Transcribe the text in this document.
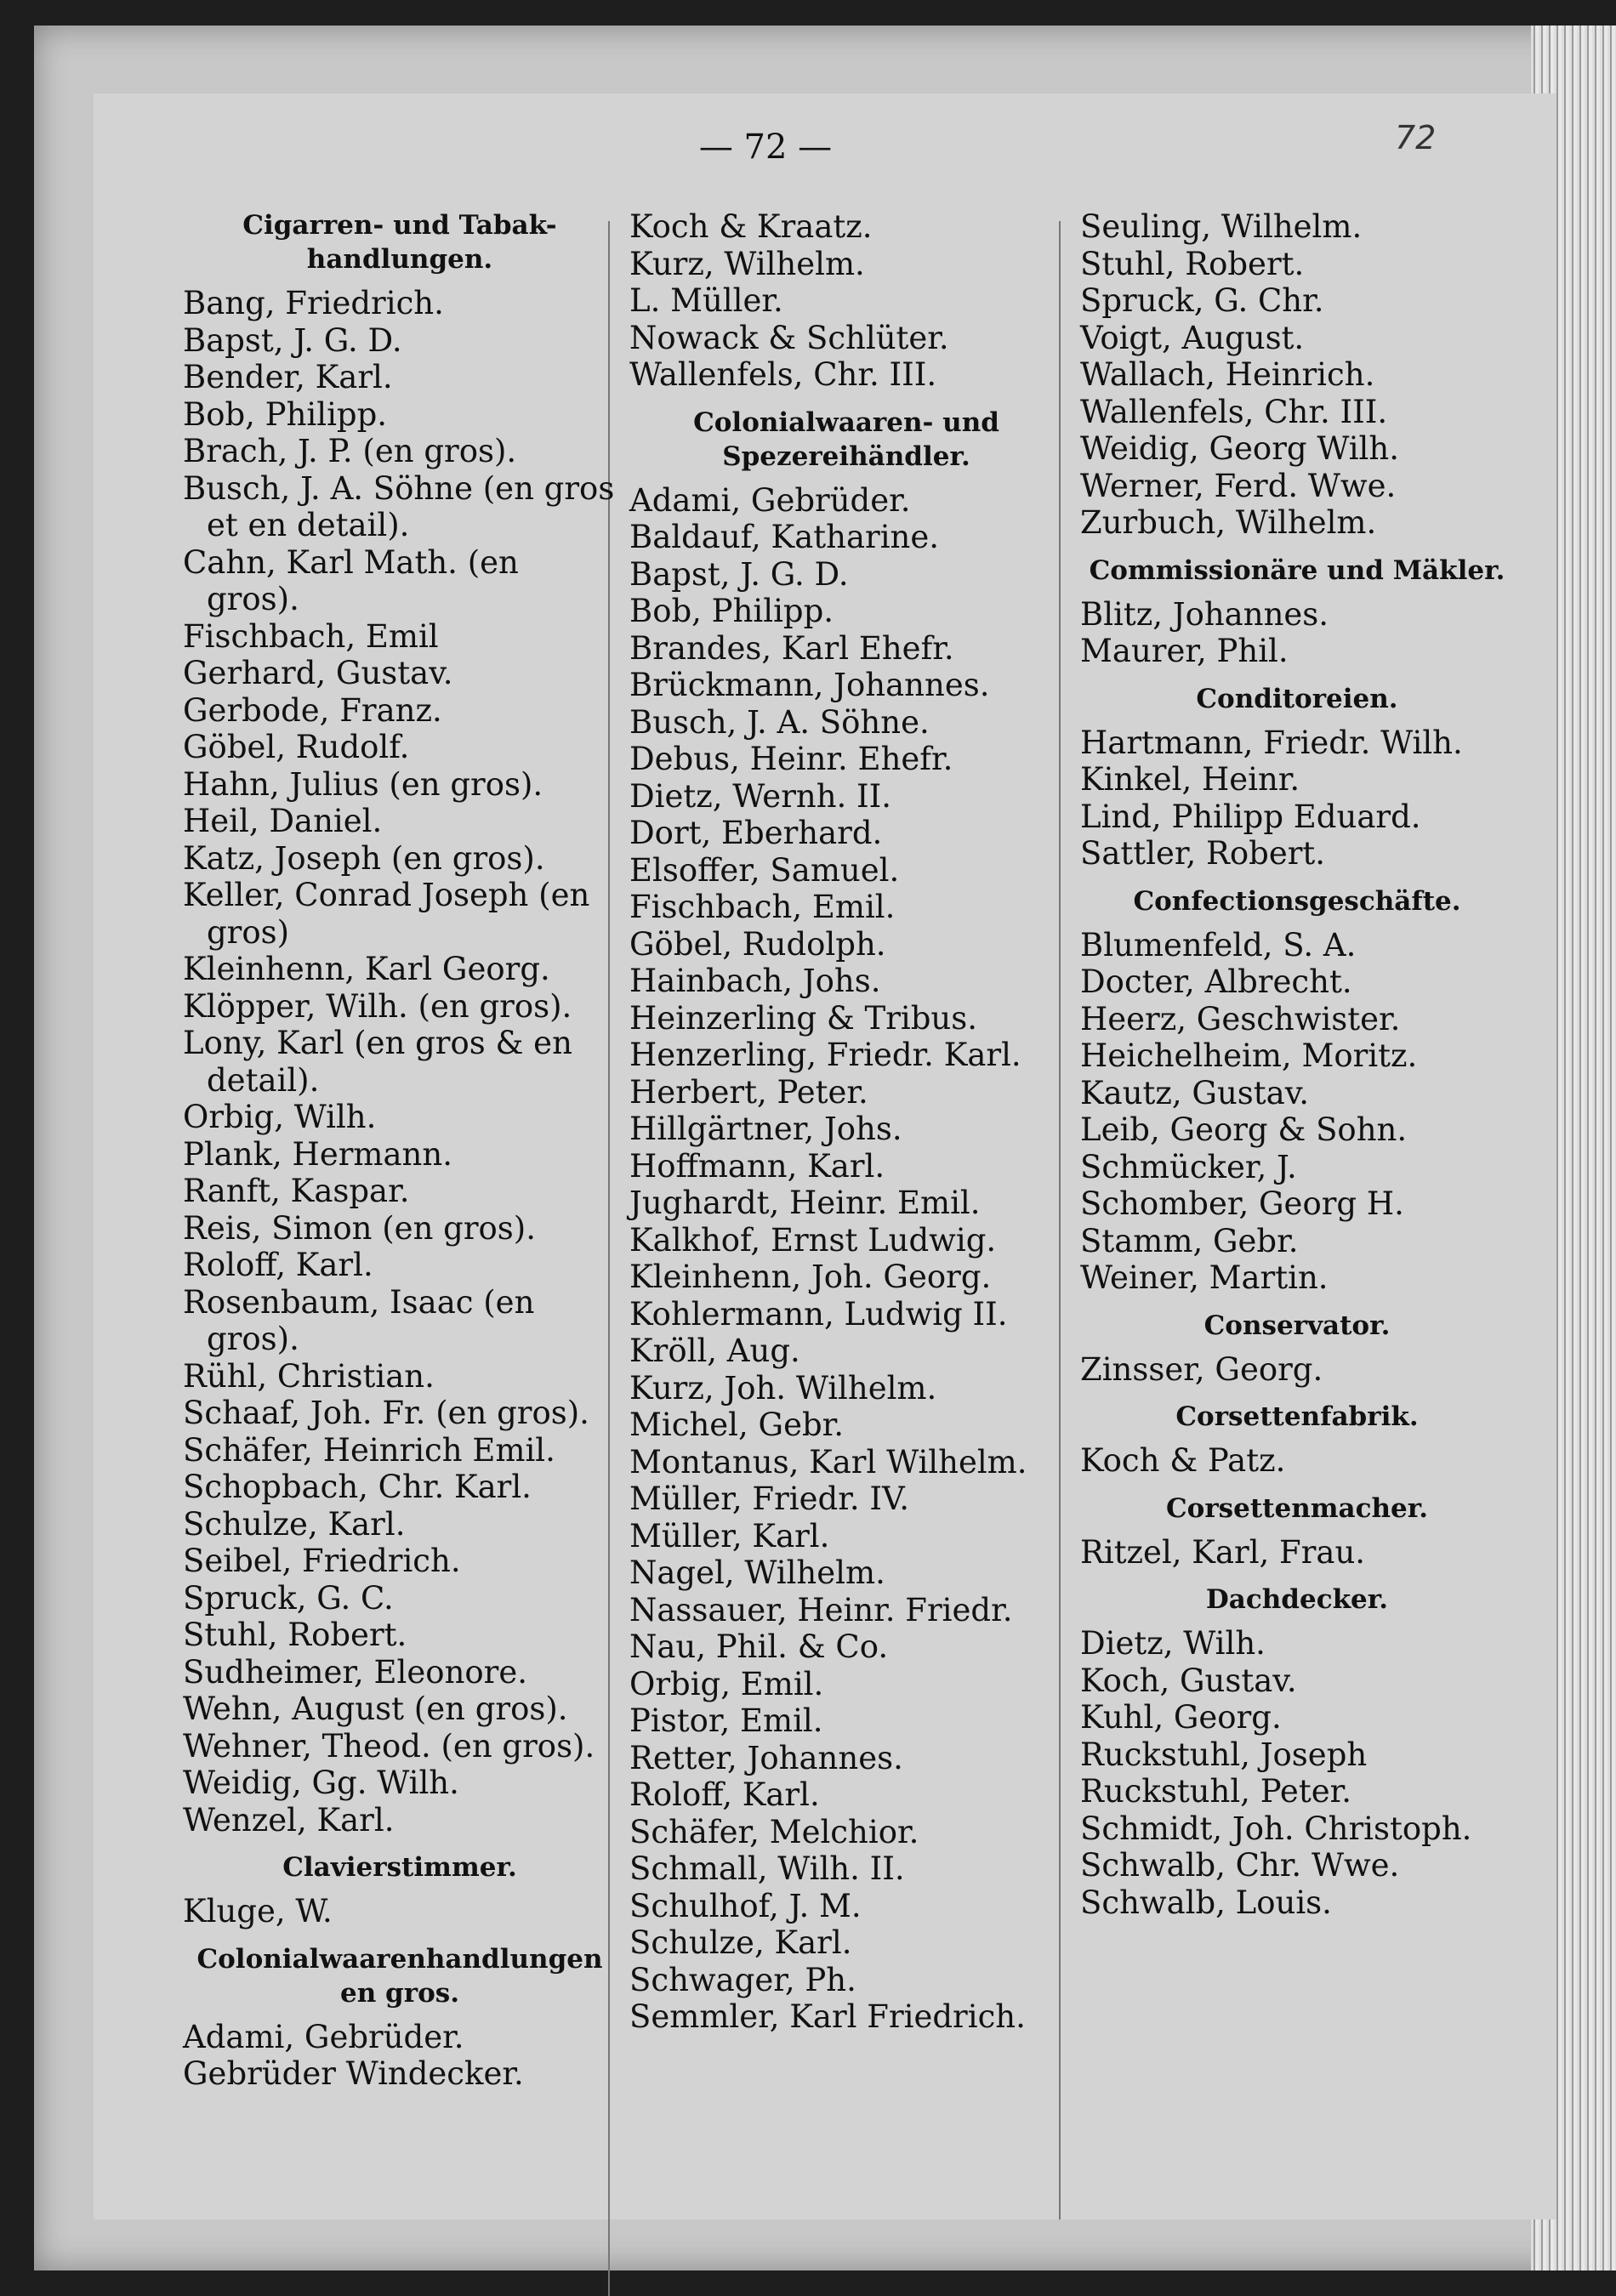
— 72 —	72
Cigarren- und Tabak-handlungen.
Bang, Friedrich.
Bapst, J. G. D.
Bender, Karl.
Bob, Philipp.
Brach, J. P. (en gros).
Busch, J. A. Söhne (en gros et en detail).
Cahn, Karl Math. (en gros).
Fischbach, Emil
Gerhard, Gustav.
Gerbode, Franz.
Göbel, Rudolf.
Hahn, Julius (en gros).
Heil, Daniel.
Katz, Joseph (en gros).
Keller, Conrad Joseph (en gros)
Kleinhenn, Karl Georg.
Klöpper, Wilh. (en gros).
Lony, Karl (en gros & en detail).
Orbig, Wilh.
Plank, Hermann.
Ranft, Kaspar.
Reis, Simon (en gros).
Roloff, Karl.
Rosenbaum, Isaac (en gros).
Rühl, Christian.
Schaaf, Joh. Fr. (en gros).
Schäfer, Heinrich Emil.
Schopbach, Chr. Karl.
Schulze, Karl.
Seibel, Friedrich.
Spruck, G. C.
Stuhl, Robert.
Sudheimer, Eleonore.
Wehn, August (en gros).
Wehner, Theod. (en gros).
Weidig, Gg. Wilh.
Wenzel, Karl.
Clavierstimmer.
Kluge, W.
Colonialwaarenhandlungen en gros.
Adami, Gebrüder.
Gebrüder Windecker.
Koch & Kraatz.
Kurz, Wilhelm.
L. Müller.
Nowack & Schlüter.
Wallenfels, Chr. III.
Colonialwaaren- und Spezereihändler.
Adami, Gebrüder.
Baldauf, Katharine.
Bapst, J. G. D.
Bob, Philipp.
Brandes, Karl Ehefr.
Brückmann, Johannes.
Busch, J. A. Söhne.
Debus, Heinr. Ehefr.
Dietz, Wernh. II.
Dort, Eberhard.
Elsoffer, Samuel.
Fischbach, Emil.
Göbel, Rudolph.
Hainbach, Johs.
Heinzerling & Tribus.
Henzerling, Friedr. Karl.
Herbert, Peter.
Hillgärtner, Johs.
Hoffmann, Karl.
Jughardt, Heinr. Emil.
Kalkhof, Ernst Ludwig.
Kleinhenn, Joh. Georg.
Kohlermann, Ludwig II.
Kröll, Aug.
Kurz, Joh. Wilhelm.
Michel, Gebr.
Montanus, Karl Wilhelm.
Müller, Friedr. IV.
Müller, Karl.
Nagel, Wilhelm.
Nassauer, Heinr. Friedr.
Nau, Phil. & Co.
Orbig, Emil.
Pistor, Emil.
Retter, Johannes.
Roloff, Karl.
Schäfer, Melchior.
Schmall, Wilh. II.
Schulhof, J. M.
Schulze, Karl.
Schwager, Ph.
Semmler, Karl Friedrich.
Seuling, Wilhelm.
Stuhl, Robert.
Spruck, G. Chr.
Voigt, August.
Wallach, Heinrich.
Wallenfels, Chr. III.
Weidig, Georg Wilh.
Werner, Ferd. Wwe.
Zurbuch, Wilhelm.
Commissionäre und Mäkler.
Blitz, Johannes.
Maurer, Phil.
Conditoreien.
Hartmann, Friedr. Wilh.
Kinkel, Heinr.
Lind, Philipp Eduard.
Sattler, Robert.
Confectionsgeschäfte.
Blumenfeld, S. A.
Docter, Albrecht.
Heerz, Geschwister.
Heichelheim, Moritz.
Kautz, Gustav.
Leib, Georg & Sohn.
Schmücker, J.
Schomber, Georg H.
Stamm, Gebr.
Weiner, Martin.
Conservator.
Zinsser, Georg.
Corsettenfabrik.
Koch & Patz.
Corsettenmacher.
Ritzel, Karl, Frau.
Dachdecker.
Dietz, Wilh.
Koch, Gustav.
Kuhl, Georg.
Ruckstuhl, Joseph
Ruckstuhl, Peter.
Schmidt, Joh. Christoph.
Schwalb, Chr. Wwe.
Schwalb, Louis.
